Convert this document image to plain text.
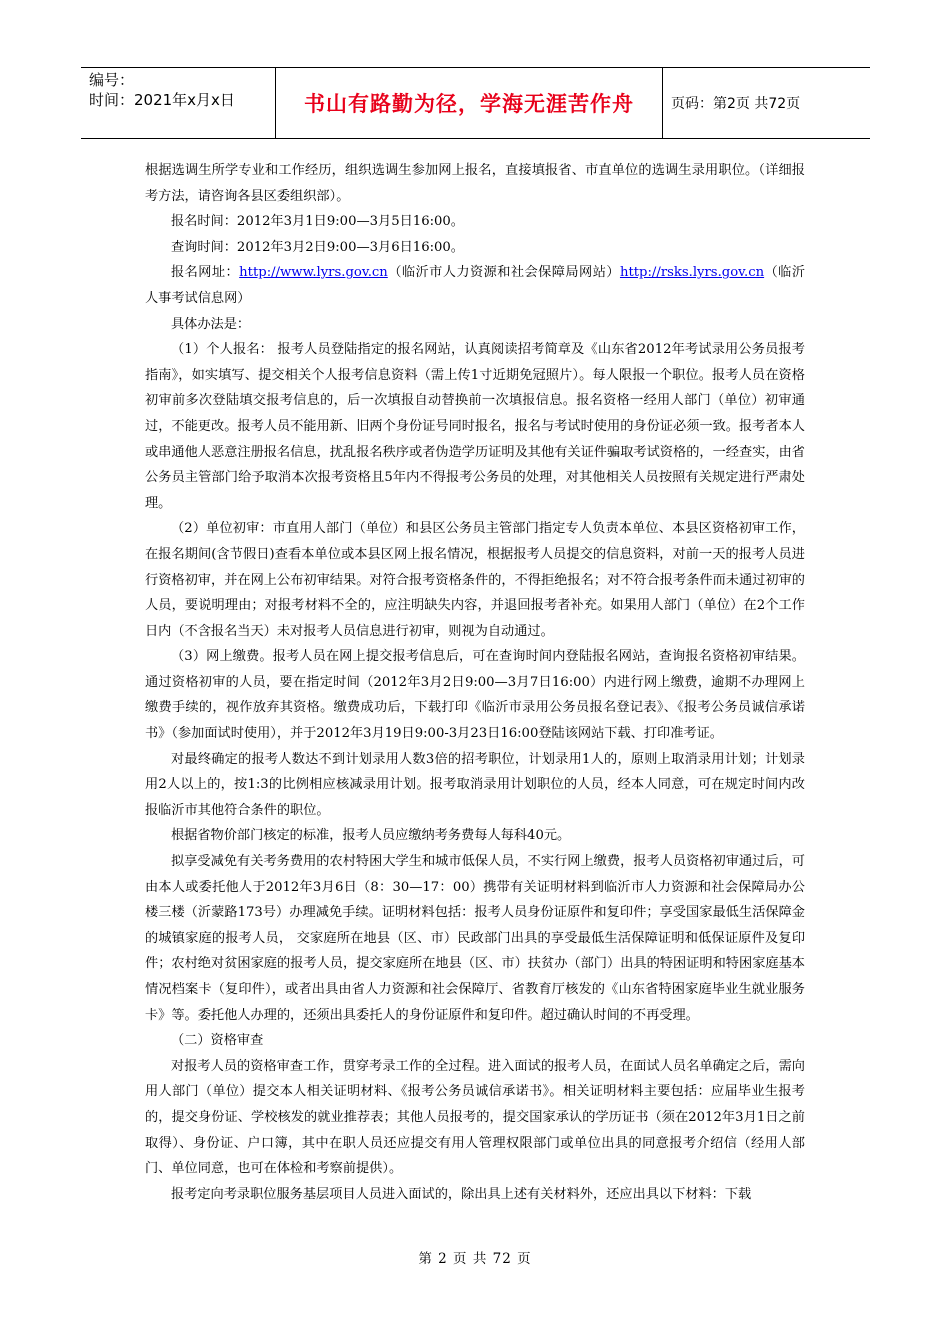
编号：
时间：2021年x月x日	书山有路勤为径，学海无涯苦作舟	页码：第2页 共72页

根据选调生所学专业和工作经历，组织选调生参加网上报名，直接填报省、市直单位的选调生录用职位。（详细报考方法，请咨询各县区委组织部）。

报名时间：2012年3月1日9:00—3月5日16:00。

查询时间：2012年3月2日9:00—3月6日16:00。

报名网址：http://www.lyrs.gov.cn（临沂市人力资源和社会保障局网站）http://rsks.lyrs.gov.cn（临沂人事考试信息网）

具体办法是：

（1）个人报名： 报考人员登陆指定的报名网站，认真阅读招考简章及《山东省2012年考试录用公务员报考指南》，如实填写、提交相关个人报考信息资料（需上传1寸近期免冠照片）。每人限报一个职位。报考人员在资格初审前多次登陆填交报考信息的，后一次填报自动替换前一次填报信息。报名资格一经用人部门（单位）初审通过，不能更改。报考人员不能用新、旧两个身份证号同时报名，报名与考试时使用的身份证必须一致。报考者本人或串通他人恶意注册报名信息，扰乱报名秩序或者伪造学历证明及其他有关证件骗取考试资格的，一经查实，由省公务员主管部门给予取消本次报考资格且5年内不得报考公务员的处理，对其他相关人员按照有关规定进行严肃处理。

（2）单位初审：市直用人部门（单位）和县区公务员主管部门指定专人负责本单位、本县区资格初审工作，在报名期间(含节假日)查看本单位或本县区网上报名情况，根据报考人员提交的信息资料，对前一天的报考人员进行资格初审，并在网上公布初审结果。对符合报考资格条件的，不得拒绝报名；对不符合报考条件而未通过初审的人员，要说明理由；对报考材料不全的，应注明缺失内容，并退回报考者补充。如果用人部门（单位）在2个工作日内（不含报名当天）未对报考人员信息进行初审，则视为自动通过。

（3）网上缴费。报考人员在网上提交报考信息后，可在查询时间内登陆报名网站，查询报名资格初审结果。通过资格初审的人员，要在指定时间（2012年3月2日9:00—3月7日16:00）内进行网上缴费，逾期不办理网上缴费手续的，视作放弃其资格。缴费成功后，下载打印《临沂市录用公务员报名登记表》、《报考公务员诚信承诺书》（参加面试时使用），并于2012年3月19日9:00-3月23日16:00登陆该网站下载、打印准考证。

对最终确定的报考人数达不到计划录用人数3倍的招考职位，计划录用1人的，原则上取消录用计划；计划录用2人以上的，按1:3的比例相应核减录用计划。报考取消录用计划职位的人员，经本人同意，可在规定时间内改报临沂市其他符合条件的职位。

根据省物价部门核定的标准，报考人员应缴纳考务费每人每科40元。

拟享受减免有关考务费用的农村特困大学生和城市低保人员，不实行网上缴费，报考人员资格初审通过后，可由本人或委托他人于2012年3月6日（8：30—17：00）携带有关证明材料到临沂市人力资源和社会保障局办公楼三楼（沂蒙路173号）办理减免手续。证明材料包括：报考人员身份证原件和复印件；享受国家最低生活保障金的城镇家庭的报考人员， 交家庭所在地县（区、市）民政部门出具的享受最低生活保障证明和低保证原件及复印件；农村绝对贫困家庭的报考人员，提交家庭所在地县（区、市）扶贫办（部门）出具的特困证明和特困家庭基本情况档案卡（复印件），或者出具由省人力资源和社会保障厅、省教育厅核发的《山东省特困家庭毕业生就业服务卡》等。委托他人办理的，还须出具委托人的身份证原件和复印件。超过确认时间的不再受理。

（二）资格审查

对报考人员的资格审查工作，贯穿考录工作的全过程。进入面试的报考人员，在面试人员名单确定之后，需向用人部门（单位）提交本人相关证明材料、《报考公务员诚信承诺书》。相关证明材料主要包括：应届毕业生报考的，提交身份证、学校核发的就业推荐表；其他人员报考的，提交国家承认的学历证书（须在2012年3月1日之前取得）、身份证、户口簿，其中在职人员还应提交有用人管理权限部门或单位出具的同意报考介绍信（经用人部门、单位同意，也可在体检和考察前提供）。

报考定向考录职位服务基层项目人员进入面试的，除出具上述有关材料外，还应出具以下材料：下载

第 2 页 共 72 页
